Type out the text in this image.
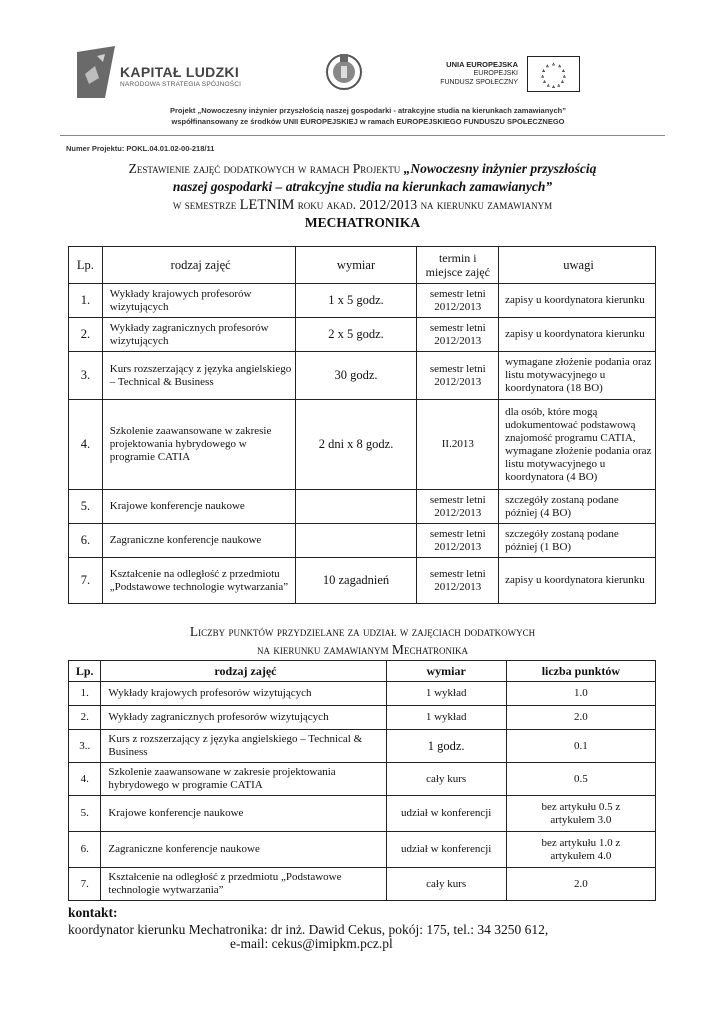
KAPITAŁ LUDZKI
NARODOWA STRATEGIA SPÓJNOŚCI
UNIA EUROPEJSKA
EUROPEJSKI
FUNDUSZ SPOŁECZNY
Projekt „Nowoczesny inżynier przyszłością naszej gospodarki - atrakcyjne studia na kierunkach zamawianych”
współfinansowany ze środków UNII EUROPEJSKIEJ w ramach EUROPEJSKIEGO FUNDUSZU SPOŁECZNEGO
Numer Projektu: POKL.04.01.02-00-218/11
Zestawienie zajęć dodatkowych w ramach Projektu „Nowoczesny inżynier przyszłością
naszej gospodarki – atrakcyjne studia na kierunkach zamawianych”
w semestrze LETNIM roku akad. 2012/2013 na kierunku zamawianym
MECHATRONIKA
Lp.	rodzaj zajęć	wymiar	termin i miejsce zajęć	uwagi
1.	Wykłady krajowych profesorów wizytujących	1 x 5 godz.	semestr letni 2012/2013	zapisy u koordynatora kierunku
2.	Wykłady zagranicznych profesorów wizytujących	2 x 5 godz.	semestr letni 2012/2013	zapisy u koordynatora kierunku
3.	Kurs rozszerzający z języka angielskiego – Technical & Business	30 godz.	semestr letni 2012/2013	wymagane złożenie podania oraz listu motywacyjnego u koordynatora (18 BO)
4.	Szkolenie zaawansowane w zakresie projektowania hybrydowego w programie CATIA	2 dni x 8 godz.	II.2013	dla osób, które mogą udokumentować podstawową znajomość programu CATIA, wymagane złożenie podania oraz listu motywacyjnego u koordynatora (4 BO)
5.	Krajowe konferencje naukowe		semestr letni 2012/2013	szczegóły zostaną podane później (4 BO)
6.	Zagraniczne konferencje naukowe		semestr letni 2012/2013	szczegóły zostaną podane później (1 BO)
7.	Kształcenie na odległość z przedmiotu „Podstawowe technologie wytwarzania”	10 zagadnień	semestr letni 2012/2013	zapisy u koordynatora kierunku
Liczby punktów przydzielane za udział w zajęciach dodatkowych
na kierunku zamawianym Mechatronika
Lp.	rodzaj zajęć	wymiar	liczba punktów
1.	Wykłady krajowych profesorów wizytujących	1 wykład	1.0
2.	Wykłady zagranicznych profesorów wizytujących	1 wykład	2.0
3..	Kurs z rozszerzający z języka angielskiego – Technical & Business	1 godz.	0.1
4.	Szkolenie zaawansowane w zakresie projektowania hybrydowego w programie CATIA	cały kurs	0.5
5.	Krajowe konferencje naukowe	udział w konferencji	bez artykułu 0.5 z artykułem 3.0
6.	Zagraniczne konferencje naukowe	udział w konferencji	bez artykułu 1.0 z artykułem 4.0
7.	Kształcenie na odległość z przedmiotu „Podstawowe technologie wytwarzania”	cały kurs	2.0
kontakt:
koordynator kierunku Mechatronika: dr inż. Dawid Cekus, pokój: 175, tel.: 34 3250 612,
e-mail: cekus@imipkm.pcz.pl
